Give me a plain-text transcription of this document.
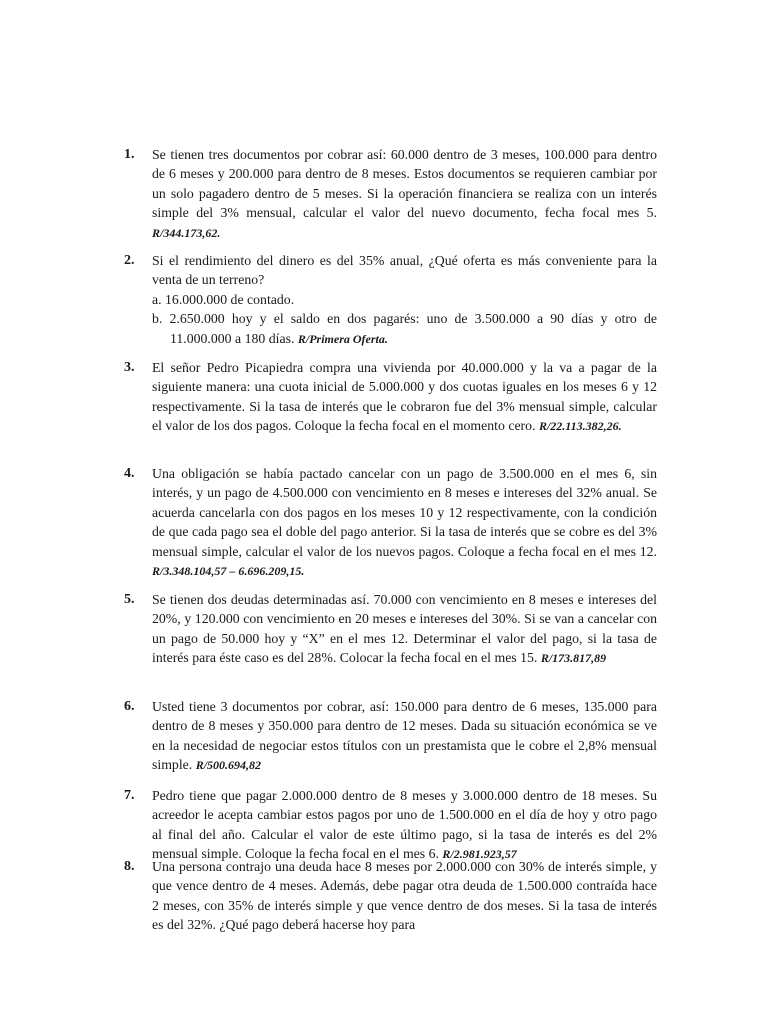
1. Se tienen tres documentos por cobrar así: 60.000 dentro de 3 meses, 100.000 para dentro de 6 meses y 200.000 para dentro de 8 meses. Estos documentos se requieren cambiar por un solo pagadero dentro de 5 meses. Si la operación financiera se realiza con un interés simple del 3% mensual, calcular el valor del nuevo documento, fecha focal mes 5. R/344.173,62.

2. Si el rendimiento del dinero es del 35% anual, ¿Qué oferta es más conveniente para la venta de un terreno?

a. 16.000.000 de contado.
b. 2.650.000 hoy y el saldo en dos pagarés: uno de 3.500.000 a 90 días y otro de 11.000.000 a 180 días. R/Primera Oferta.
3. El señor Pedro Picapiedra compra una vivienda por 40.000.000 y la va a pagar de la siguiente manera: una cuota inicial de 5.000.000 y dos cuotas iguales en los meses 6 y 12 respectivamente. Si la tasa de interés que le cobraron fue del 3% mensual simple, calcular el valor de los dos pagos. Coloque la fecha focal en el momento cero. R/22.113.382,26.

4. Una obligación se había pactado cancelar con un pago de 3.500.000 en el mes 6, sin interés, y un pago de 4.500.000 con vencimiento en 8 meses e intereses del 32% anual. Se acuerda cancelarla con dos pagos en los meses 10 y 12 respectivamente, con la condición de que cada pago sea el doble del pago anterior. Si la tasa de interés que se cobre es del 3% mensual simple, calcular el valor de los nuevos pagos. Coloque a fecha focal en el mes 12. R/3.348.104,57 – 6.696.209,15.

5. Se tienen dos deudas determinadas así. 70.000 con vencimiento en 8 meses e intereses del 20%, y 120.000 con vencimiento en 20 meses e intereses del 30%. Si se van a cancelar con un pago de 50.000 hoy y “X” en el mes 12. Determinar el valor del pago, si la tasa de interés para éste caso es del 28%. Colocar la fecha focal en el mes 15. R/173.817,89

6. Usted tiene 3 documentos por cobrar, así: 150.000 para dentro de 6 meses, 135.000 para dentro de 8 meses y 350.000 para dentro de 12 meses. Dada su situación económica se ve en la necesidad de negociar estos títulos con un prestamista que le cobre el 2,8% mensual simple. R/500.694,82

7. Pedro tiene que pagar 2.000.000 dentro de 8 meses y 3.000.000 dentro de 18 meses. Su acreedor le acepta cambiar estos pagos por uno de 1.500.000 en el día de hoy y otro pago al final del año. Calcular el valor de este último pago, si la tasa de interés es del 2% mensual simple. Coloque la fecha focal en el mes 6. R/2.981.923,57

8. Una persona contrajo una deuda hace 8 meses por 2.000.000 con 30% de interés simple, y que vence dentro de 4 meses. Además, debe pagar otra deuda de 1.500.000 contraída hace 2 meses, con 35% de interés simple y que vence dentro de dos meses. Si la tasa de interés es del 32%. ¿Qué pago deberá hacerse hoy para
